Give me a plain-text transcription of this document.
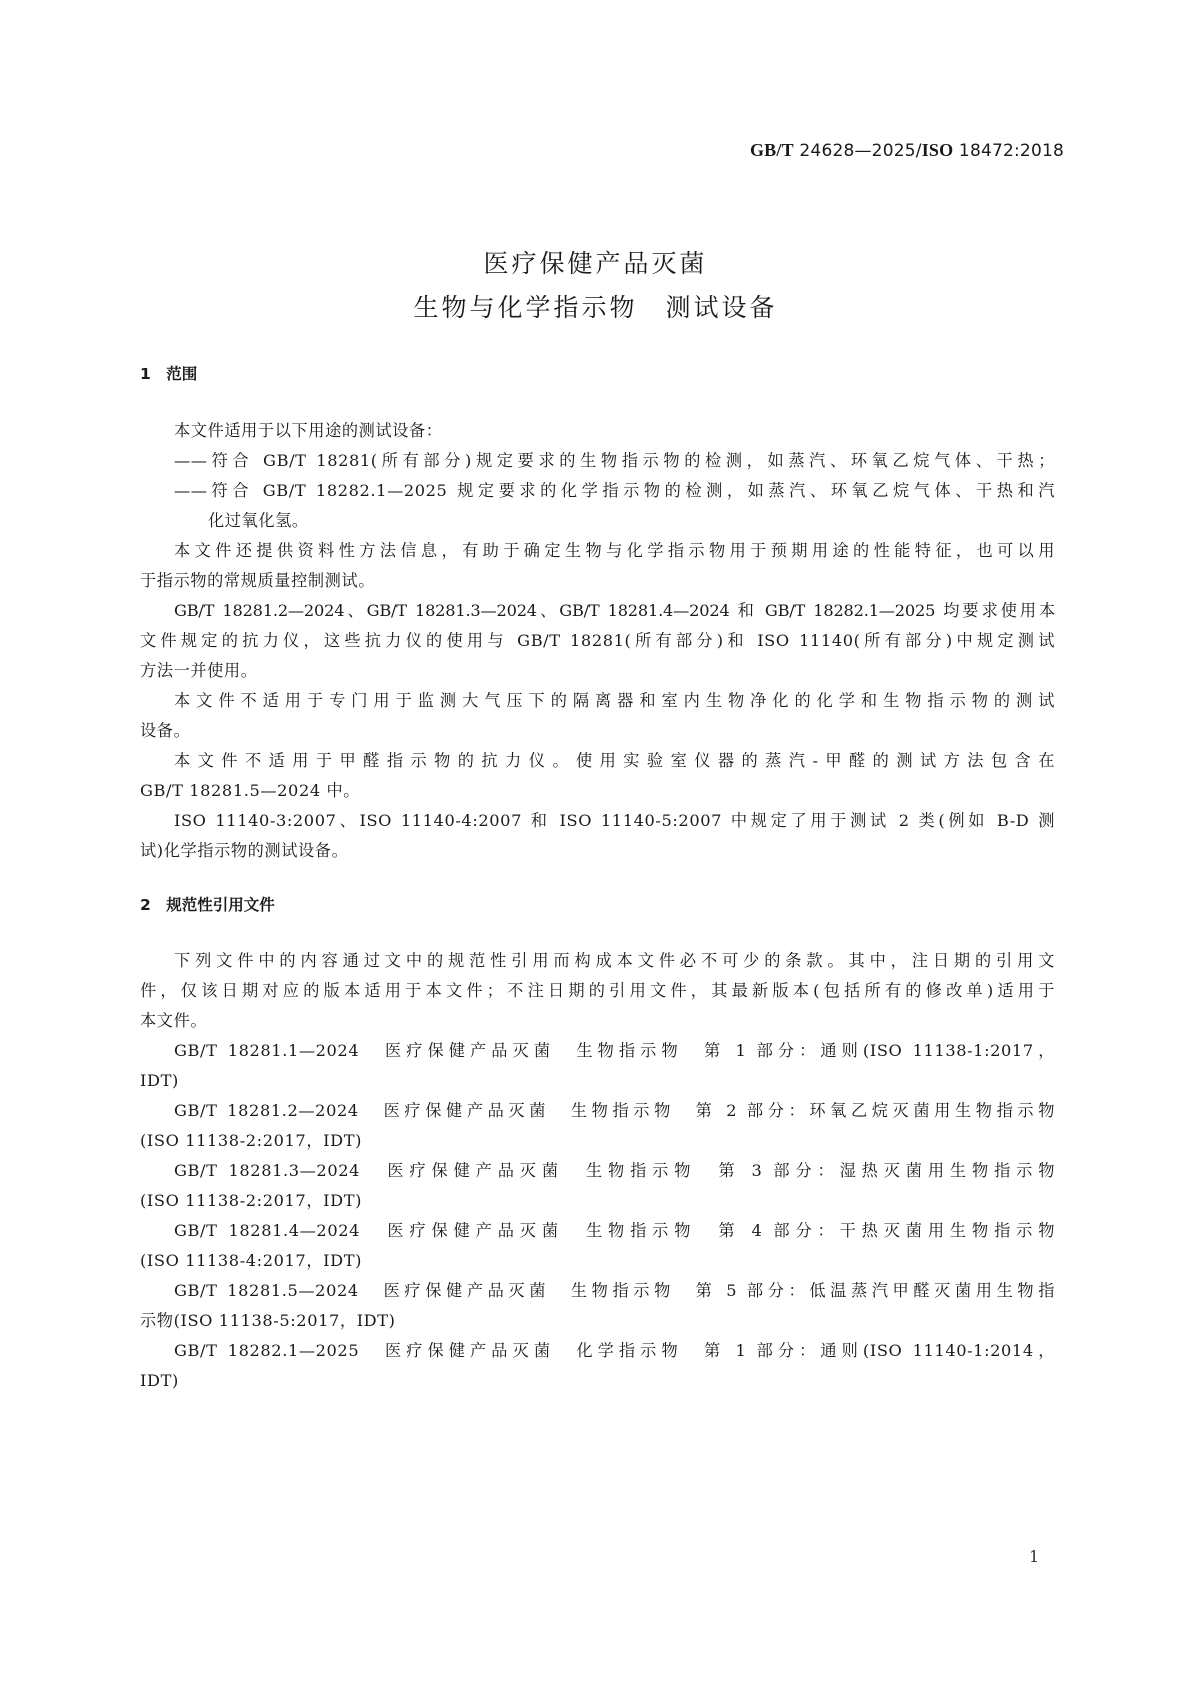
GB/T 24628—2025/ISO 18472:2018
医疗保健产品灭菌
生物与化学指示物　测试设备
1　范围
本文件适用于以下用途的测试设备：
——符合 GB/T 18281(所有部分)规定要求的生物指示物的检测，如蒸汽、环氧乙烷气体、干热；
——符合 GB/T 18282.1—2025 规定要求的化学指示物的检测，如蒸汽、环氧乙烷气体、干热和汽
化过氧化氢。
本文件还提供资料性方法信息，有助于确定生物与化学指示物用于预期用途的性能特征，也可以用
于指示物的常规质量控制测试。
GB/T 18281.2—2024、GB/T 18281.3—2024、GB/T 18281.4—2024 和 GB/T 18282.1—2025 均要求使用本
文件规定的抗力仪，这些抗力仪的使用与 GB/T 18281(所有部分)和 ISO 11140(所有部分)中规定测试
方法一并使用。
本文件不适用于专门用于监测大气压下的隔离器和室内生物净化的化学和生物指示物的测试
设备。
本文件不适用于甲醛指示物的抗力仪。使用实验室仪器的蒸汽-甲醛的测试方法包含在
GB/T 18281.5—2024 中。
ISO 11140-3:2007、ISO 11140-4:2007 和 ISO 11140-5:2007 中规定了用于测试 2 类(例如 B-D 测
试)化学指示物的测试设备。
2　规范性引用文件
下列文件中的内容通过文中的规范性引用而构成本文件必不可少的条款。其中，注日期的引用文
件，仅该日期对应的版本适用于本文件；不注日期的引用文件，其最新版本(包括所有的修改单)适用于
本文件。
GB/T 18281.1—2024　医疗保健产品灭菌　生物指示物　第 1 部分：通则(ISO 11138-1:2017，
IDT)
GB/T 18281.2—2024　医疗保健产品灭菌　生物指示物　第 2 部分：环氧乙烷灭菌用生物指示物
(ISO 11138-2:2017，IDT)
GB/T 18281.3—2024　医疗保健产品灭菌　生物指示物　第 3 部分：湿热灭菌用生物指示物
(ISO 11138-2:2017，IDT)
GB/T 18281.4—2024　医疗保健产品灭菌　生物指示物　第 4 部分：干热灭菌用生物指示物
(ISO 11138-4:2017，IDT)
GB/T 18281.5—2024　医疗保健产品灭菌　生物指示物　第 5 部分：低温蒸汽甲醛灭菌用生物指
示物(ISO 11138-5:2017，IDT)
GB/T 18282.1—2025　医疗保健产品灭菌　化学指示物　第 1 部分：通则(ISO 11140-1:2014，
IDT)
1
